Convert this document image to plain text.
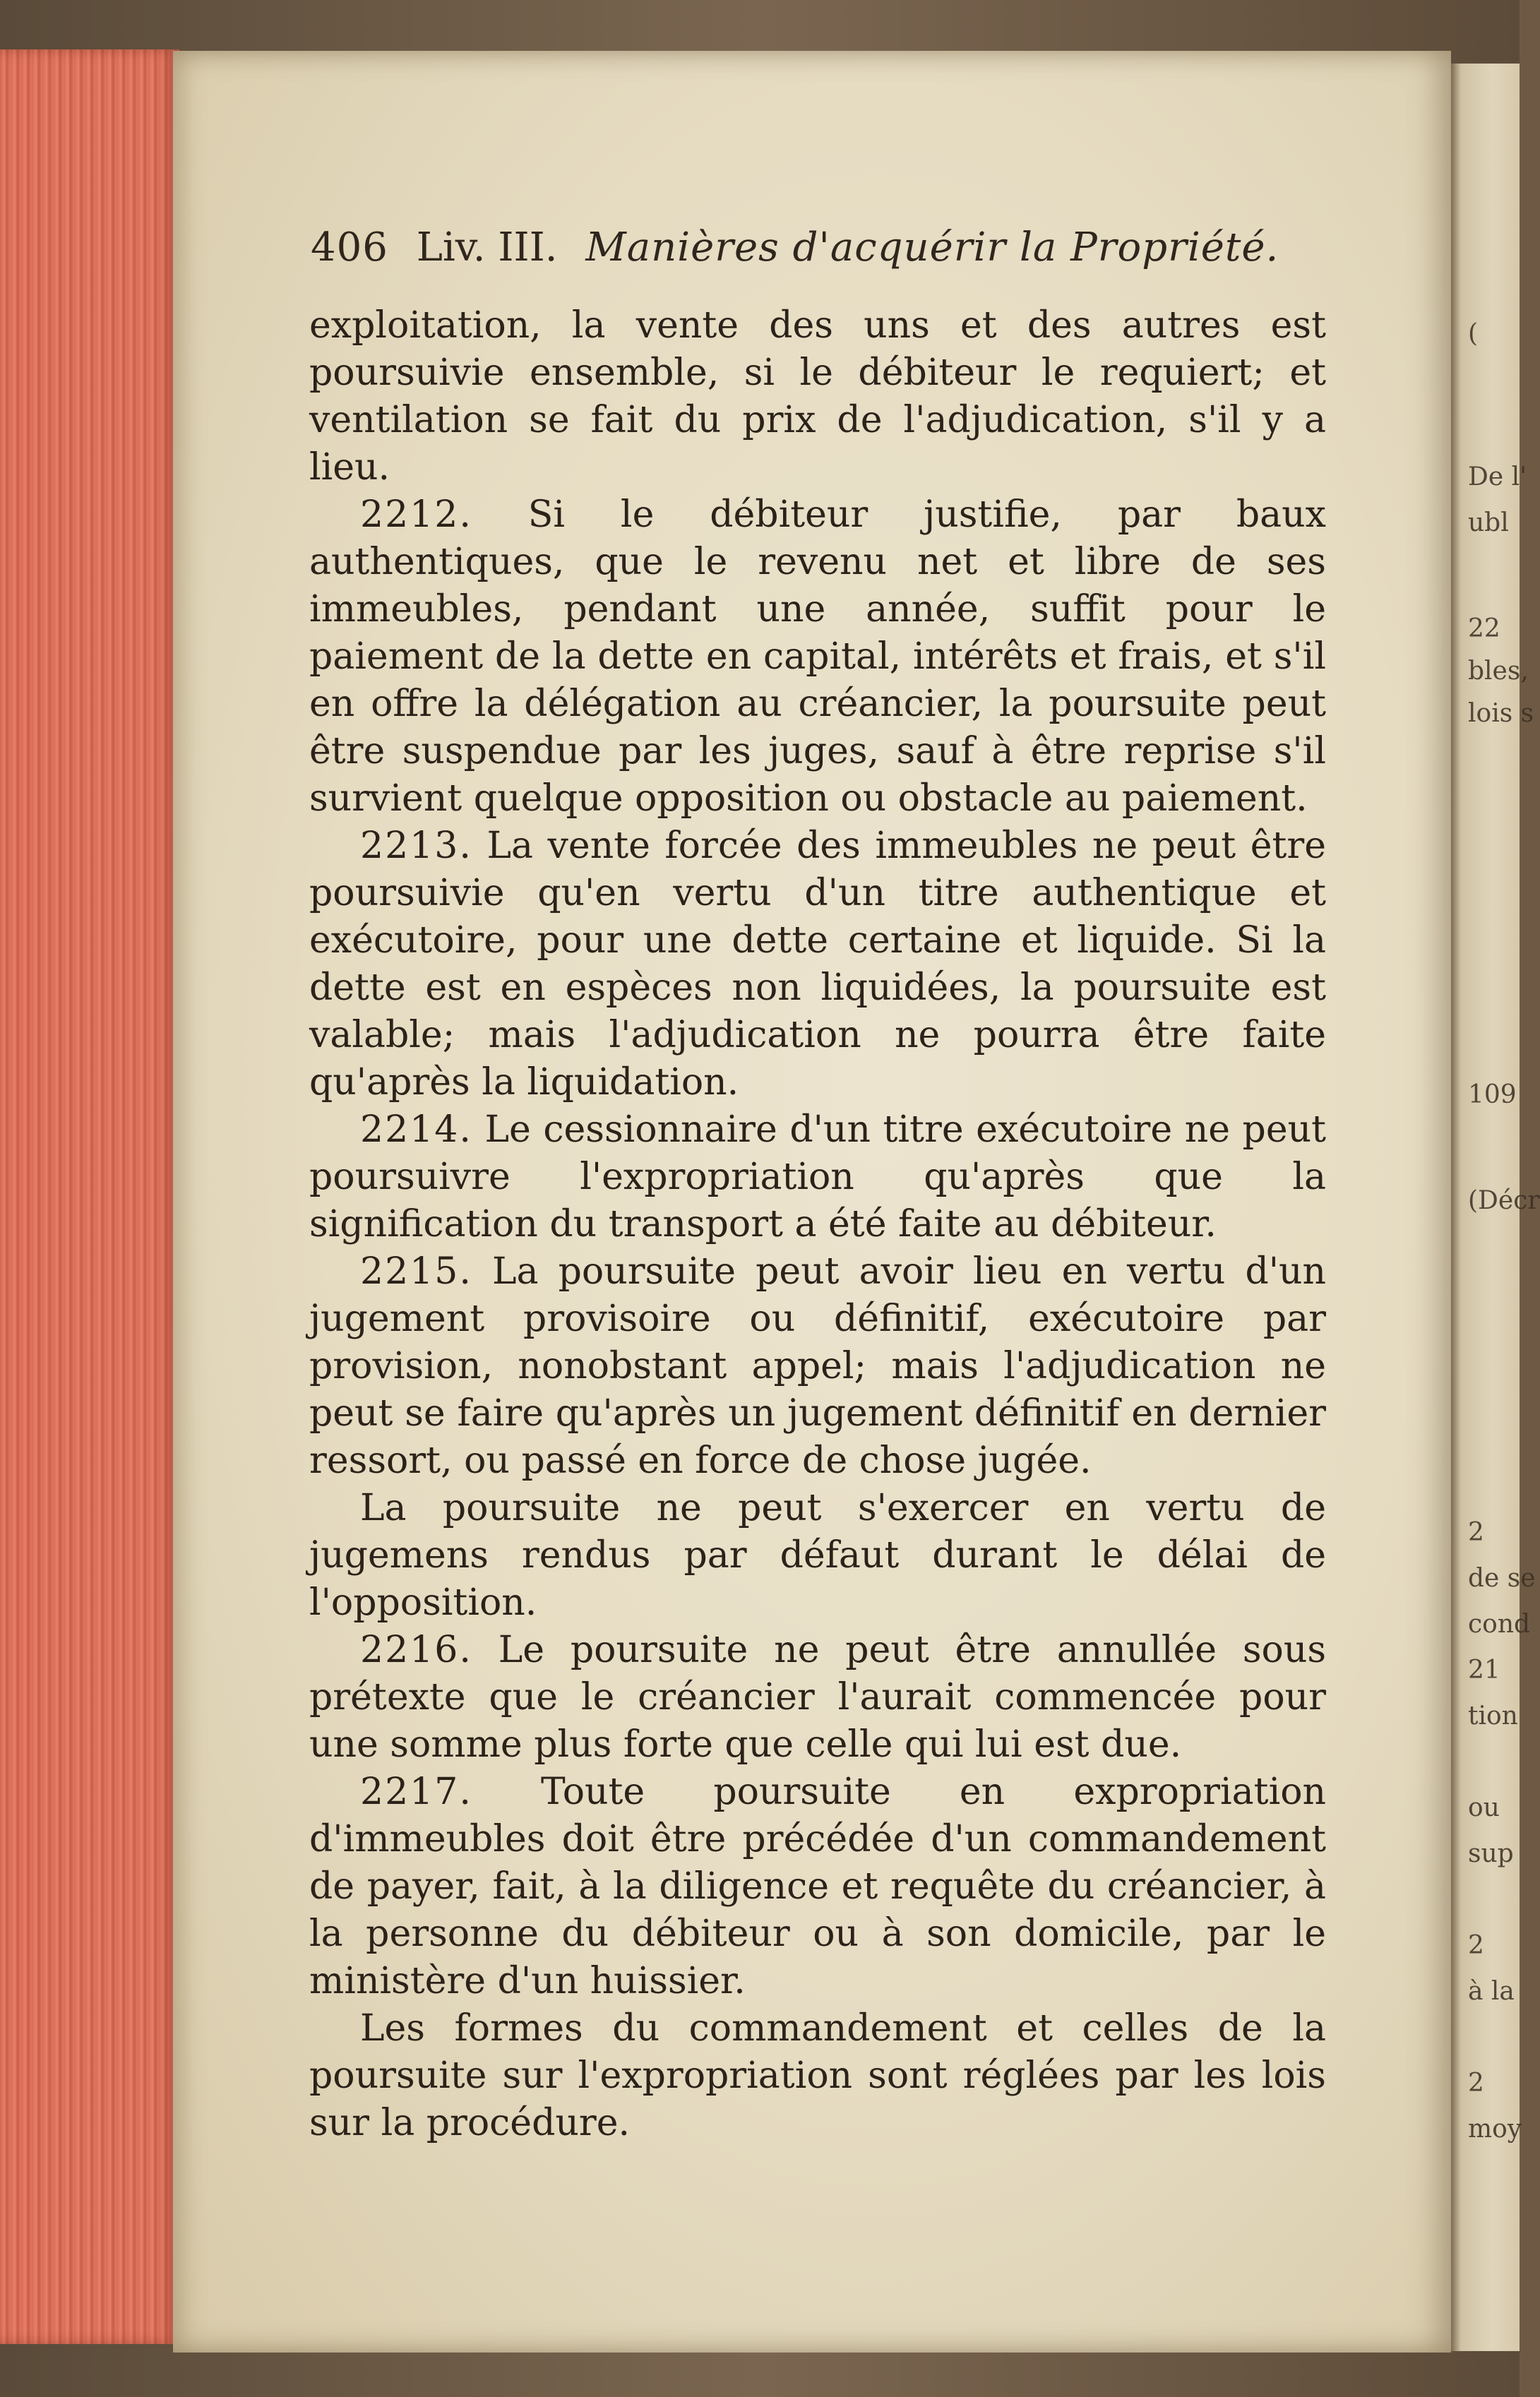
(
De l'
ubl
22
bles,
lois s
109
(Décr
2
de se
cond
21
tion
ou
sup
2
à la
2
moy
406 Liv. III. Manières d'acquérir la Propriété.

exploitation, la vente des uns et des autres est poursuivie ensemble, si le débiteur le requiert; et ventilation se fait du prix de l'adjudication, s'il y a lieu.

2212. Si le débiteur justifie, par baux authentiques, que le revenu net et libre de ses immeubles, pendant une année, suffit pour le paiement de la dette en capital, intérêts et frais, et s'il en offre la délégation au créancier, la poursuite peut être suspendue par les juges, sauf à être reprise s'il survient quelque opposition ou obstacle au paiement.

2213. La vente forcée des immeubles ne peut être poursuivie qu'en vertu d'un titre authentique et exécutoire, pour une dette certaine et liquide. Si la dette est en espèces non liquidées, la poursuite est valable; mais l'adjudication ne pourra être faite qu'après la liquidation.

2214. Le cessionnaire d'un titre exécutoire ne peut poursuivre l'expropriation qu'après que la signification du transport a été faite au débiteur.

2215. La poursuite peut avoir lieu en vertu d'un jugement provisoire ou définitif, exécutoire par provision, nonobstant appel; mais l'adjudication ne peut se faire qu'après un jugement définitif en dernier ressort, ou passé en force de chose jugée.

La poursuite ne peut s'exercer en vertu de jugemens rendus par défaut durant le délai de l'opposition.

2216. Le poursuite ne peut être annullée sous prétexte que le créancier l'aurait commencée pour une somme plus forte que celle qui lui est due.

2217. Toute poursuite en expropriation d'immeubles doit être précédée d'un commandement de payer, fait, à la diligence et requête du créancier, à la personne du débiteur ou à son domicile, par le ministère d'un huissier.

Les formes du commandement et celles de la poursuite sur l'expropriation sont réglées par les lois sur la procédure.
